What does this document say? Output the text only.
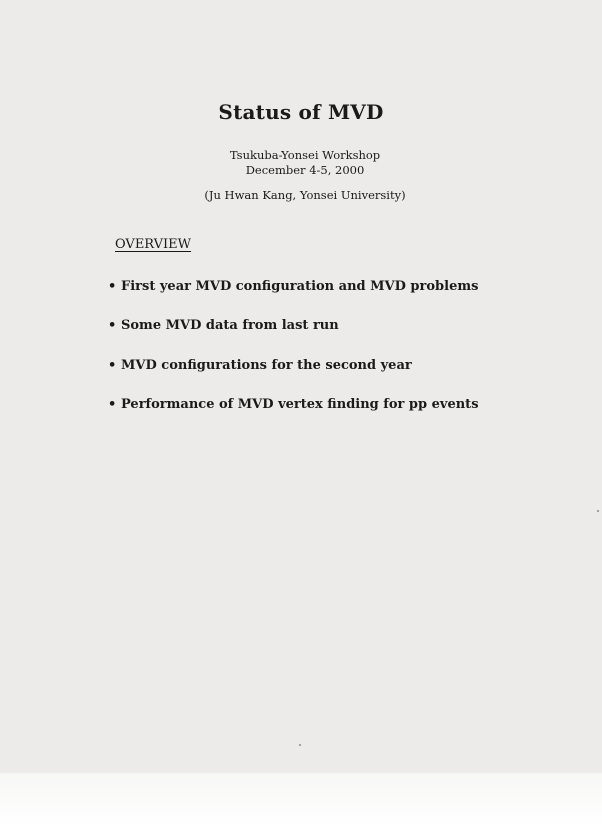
Status of MVD
Tsukuba-Yonsei Workshop
December 4-5, 2000
(Ju Hwan Kang, Yonsei University)
OVERVIEW
• First year MVD configuration and MVD problems
• Some MVD data from last run
• MVD configurations for the second year
• Performance of MVD vertex finding for pp events
